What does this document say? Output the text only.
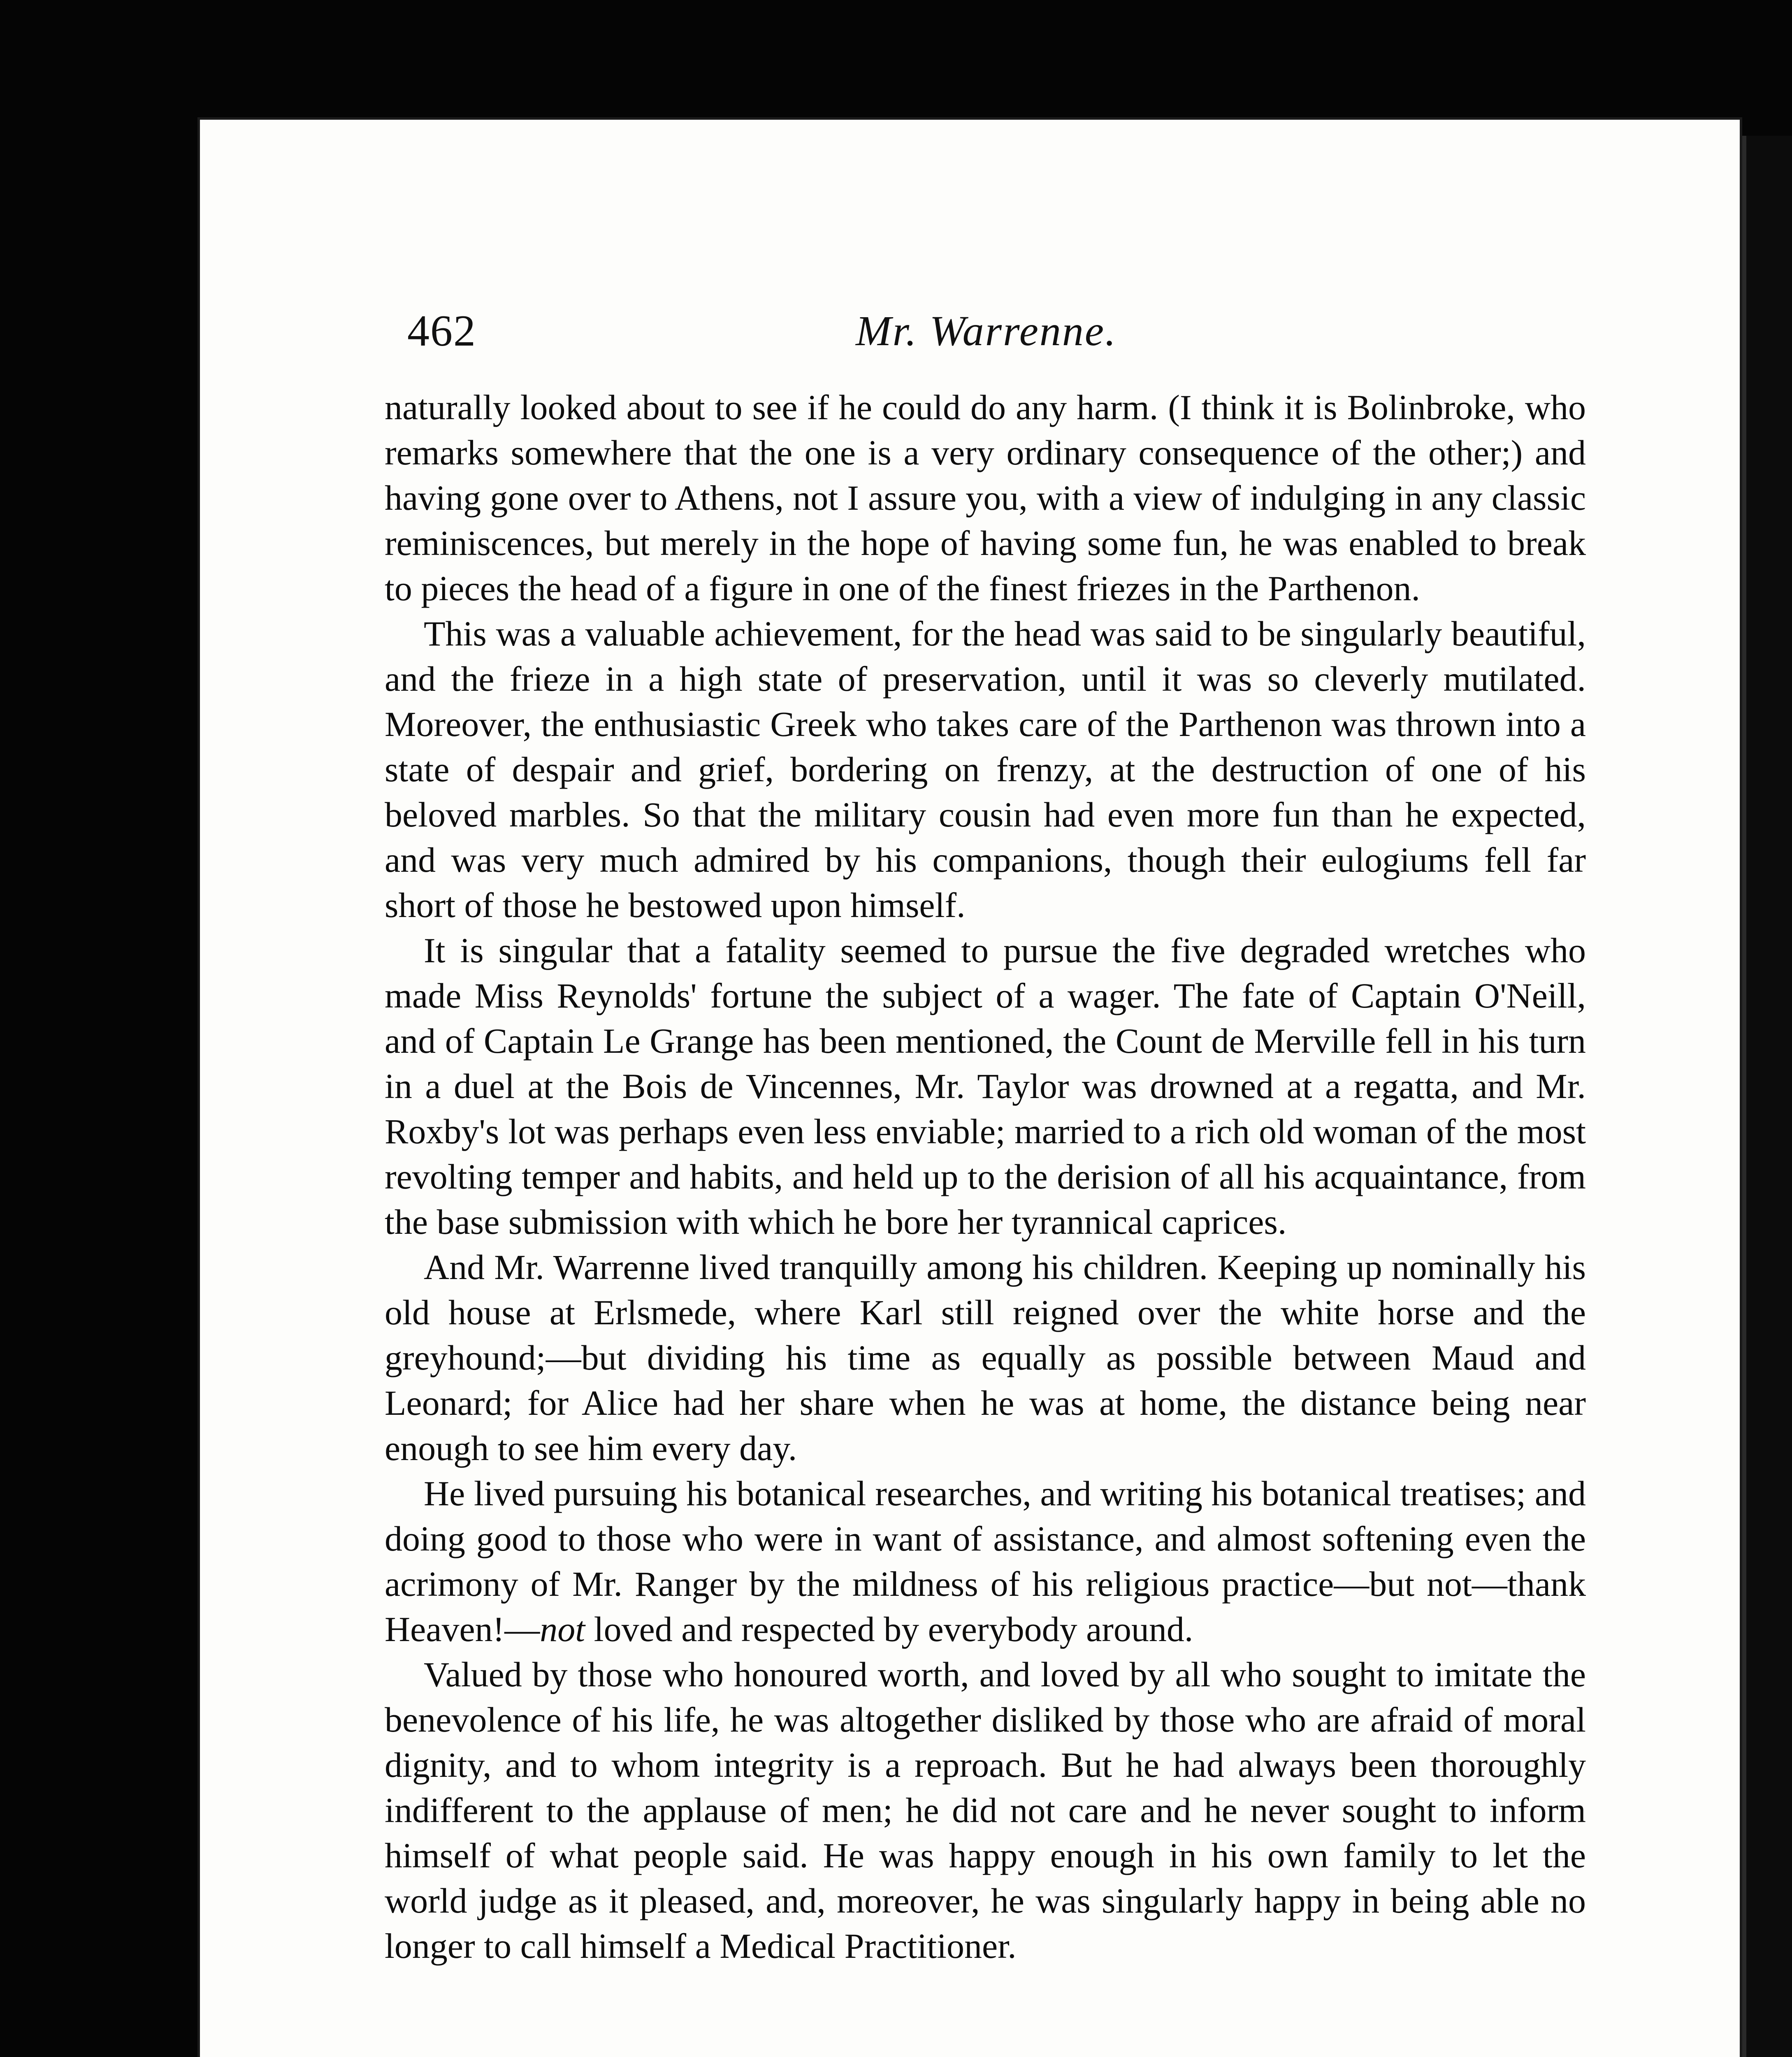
462	Mr. Warrenne.

naturally looked about to see if he could do any harm. (I think it is Bolinbroke, who remarks somewhere that the one is a very ordinary consequence of the other;) and having gone over to Athens, not I assure you, with a view of indulging in any classic reminiscences, but merely in the hope of having some fun, he was enabled to break to pieces the head of a figure in one of the finest friezes in the Parthenon.

This was a valuable achievement, for the head was said to be singularly beautiful, and the frieze in a high state of preservation, until it was so cleverly mutilated. Moreover, the enthusiastic Greek who takes care of the Parthenon was thrown into a state of despair and grief, bordering on frenzy, at the destruction of one of his beloved marbles. So that the military cousin had even more fun than he expected, and was very much admired by his companions, though their eulogiums fell far short of those he bestowed upon himself.

It is singular that a fatality seemed to pursue the five degraded wretches who made Miss Reynolds' fortune the subject of a wager. The fate of Captain O'Neill, and of Captain Le Grange has been mentioned, the Count de Merville fell in his turn in a duel at the Bois de Vincennes, Mr. Taylor was drowned at a regatta, and Mr. Roxby's lot was perhaps even less enviable; married to a rich old woman of the most revolting temper and habits, and held up to the derision of all his acquaintance, from the base submission with which he bore her tyrannical caprices.

And Mr. Warrenne lived tranquilly among his children. Keeping up nominally his old house at Erlsmede, where Karl still reigned over the white horse and the greyhound;—but dividing his time as equally as possible between Maud and Leonard; for Alice had her share when he was at home, the distance being near enough to see him every day.

He lived pursuing his botanical researches, and writing his botanical treatises; and doing good to those who were in want of assistance, and almost softening even the acrimony of Mr. Ranger by the mildness of his religious practice—but not—thank Heaven!—not loved and respected by everybody around.

Valued by those who honoured worth, and loved by all who sought to imitate the benevolence of his life, he was altogether disliked by those who are afraid of moral dignity, and to whom integrity is a reproach. But he had always been thoroughly indifferent to the applause of men; he did not care and he never sought to inform himself of what people said. He was happy enough in his own family to let the world judge as it pleased, and, moreover, he was singularly happy in being able no longer to call himself a Medical Practitioner.
